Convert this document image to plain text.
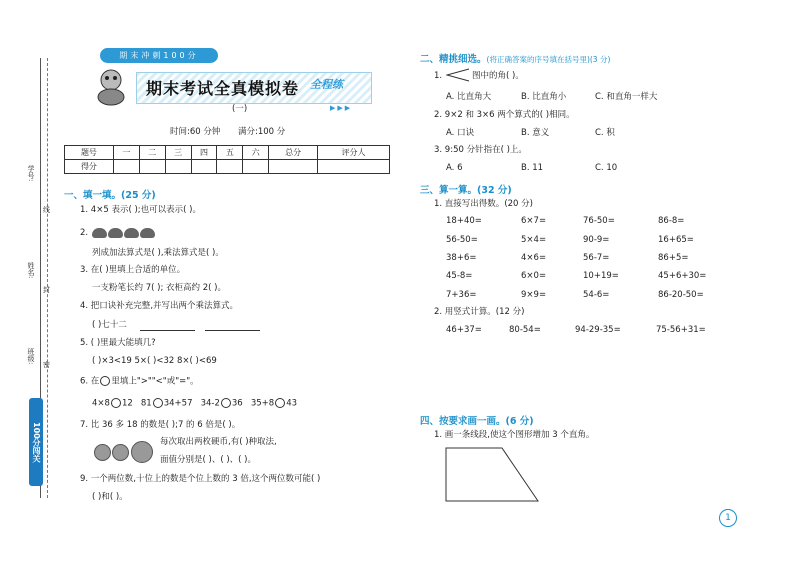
学号:
姓名:
班级:
线
封
密
100分闯关
期末冲刺100分
期末考试全真模拟卷 全程练
▶▶▶
(一)
时间:60 分钟 满分:100 分
题号	一	二	三	四	五	六	总分	评分人
得分								
一、填一填。(25 分)
1. 4×5 表示( );也可以表示( )。
2.
列成加法算式是( ),乘法算式是( )。
3. 在( )里填上合适的单位。
一支粉笔长约 7( ); 衣柜高约 2( )。
4. 把口诀补充完整,并写出两个乘法算式。
( )七十二
5. ( )里最大能填几?
( )×3<19 5×( )<32 8×( )<69
6. 在 里填上">""<"或"="。
4×8 12 81 34+57 34-2 36 35+8 43
7. 比 36 多 18 的数是( );7 的 6 倍是( )。
每次取出两枚硬币,有( )种取法,
面值分别是( )、( )、( )。
9. 一个两位数,十位上的数是个位上数的 3 倍,这个两位数可能( )
( )和( )。
二、精挑细选。(将正确答案的序号填在括号里)(3 分)
1.	图中的角( )。
A. 比直角大	B. 比直角小	C. 和直角一样大
2. 9×2 和 3×6 两个算式的( )相同。
A. 口诀	B. 意义	C. 积
3. 9:50 分针指在( )上。
A. 6	B. 11	C. 10
三、算一算。(32 分)
1. 直接写出得数。(20 分)
18+40=	6×7=	76-50=	86-8=
56-50=	5×4=	90-9=	16+65=
38+6=	4×6=	56-7=	86+5=
45-8=	6×0=	10+19=	45+6+30=
7+36=	9×9=	54-6=	86-20-50=
2. 用竖式计算。(12 分)
46+37=	80-54=	94-29-35=	75-56+31=
四、按要求画一画。(6 分)
1. 画一条线段,使这个图形增加 3 个直角。
1
